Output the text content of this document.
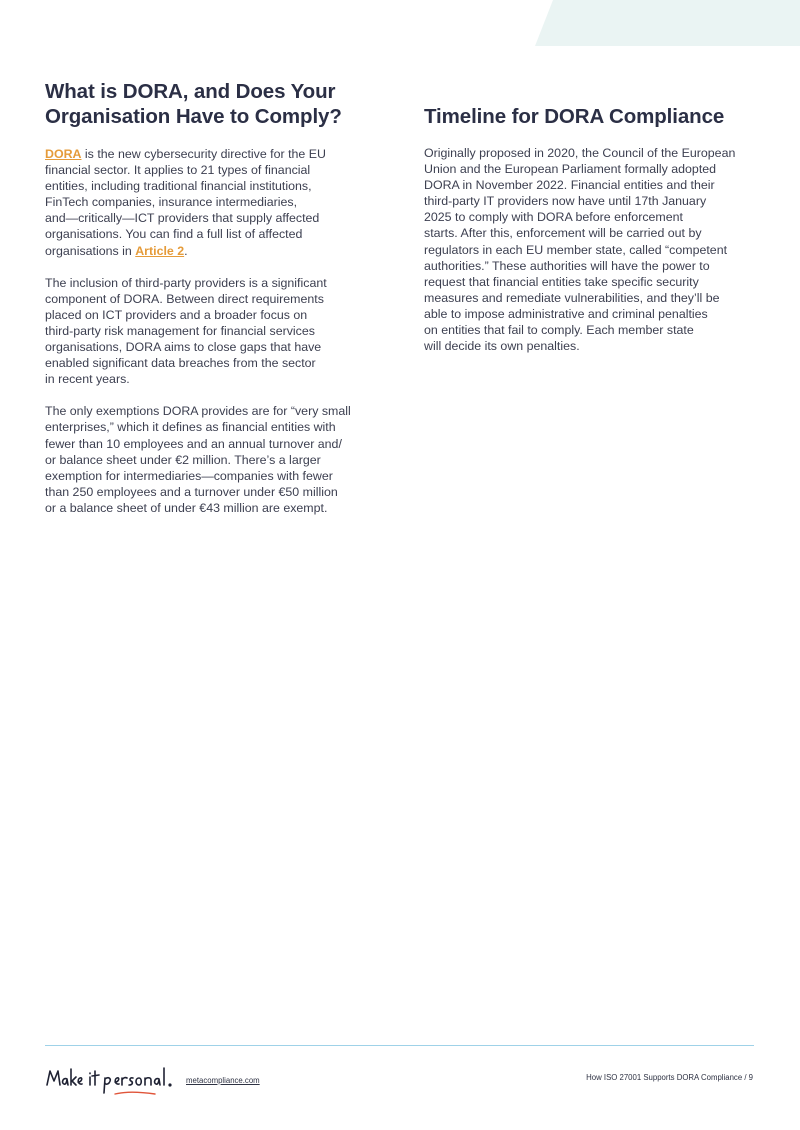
What is DORA, and Does Your
Organisation Have to Comply?

DORA is the new cybersecurity directive for the EU
financial sector. It applies to 21 types of financial
entities, including traditional financial institutions,
FinTech companies, insurance intermediaries,
and—critically—ICT providers that supply affected
organisations. You can find a full list of affected
organisations in Article 2.

The inclusion of third-party providers is a significant
component of DORA. Between direct requirements
placed on ICT providers and a broader focus on
third-party risk management for financial services
organisations, DORA aims to close gaps that have
enabled significant data breaches from the sector
in recent years.

The only exemptions DORA provides are for “very small
enterprises,” which it defines as financial entities with
fewer than 10 employees and an annual turnover and/
or balance sheet under €2 million. There’s a larger
exemption for intermediaries—companies with fewer
than 250 employees and a turnover under €50 million
or a balance sheet of under €43 million are exempt.

Timeline for DORA Compliance

Originally proposed in 2020, the Council of the European
Union and the European Parliament formally adopted
DORA in November 2022. Financial entities and their
third-party IT providers now have until 17th January
2025 to comply with DORA before enforcement
starts. After this, enforcement will be carried out by
regulators in each EU member state, called “competent
authorities.” These authorities will have the power to
request that financial entities take specific security
measures and remediate vulnerabilities, and they’ll be
able to impose administrative and criminal penalties
on entities that fail to comply. Each member state
will decide its own penalties.

metacompliance.com	How ISO 27001 Supports DORA Compliance / 9
